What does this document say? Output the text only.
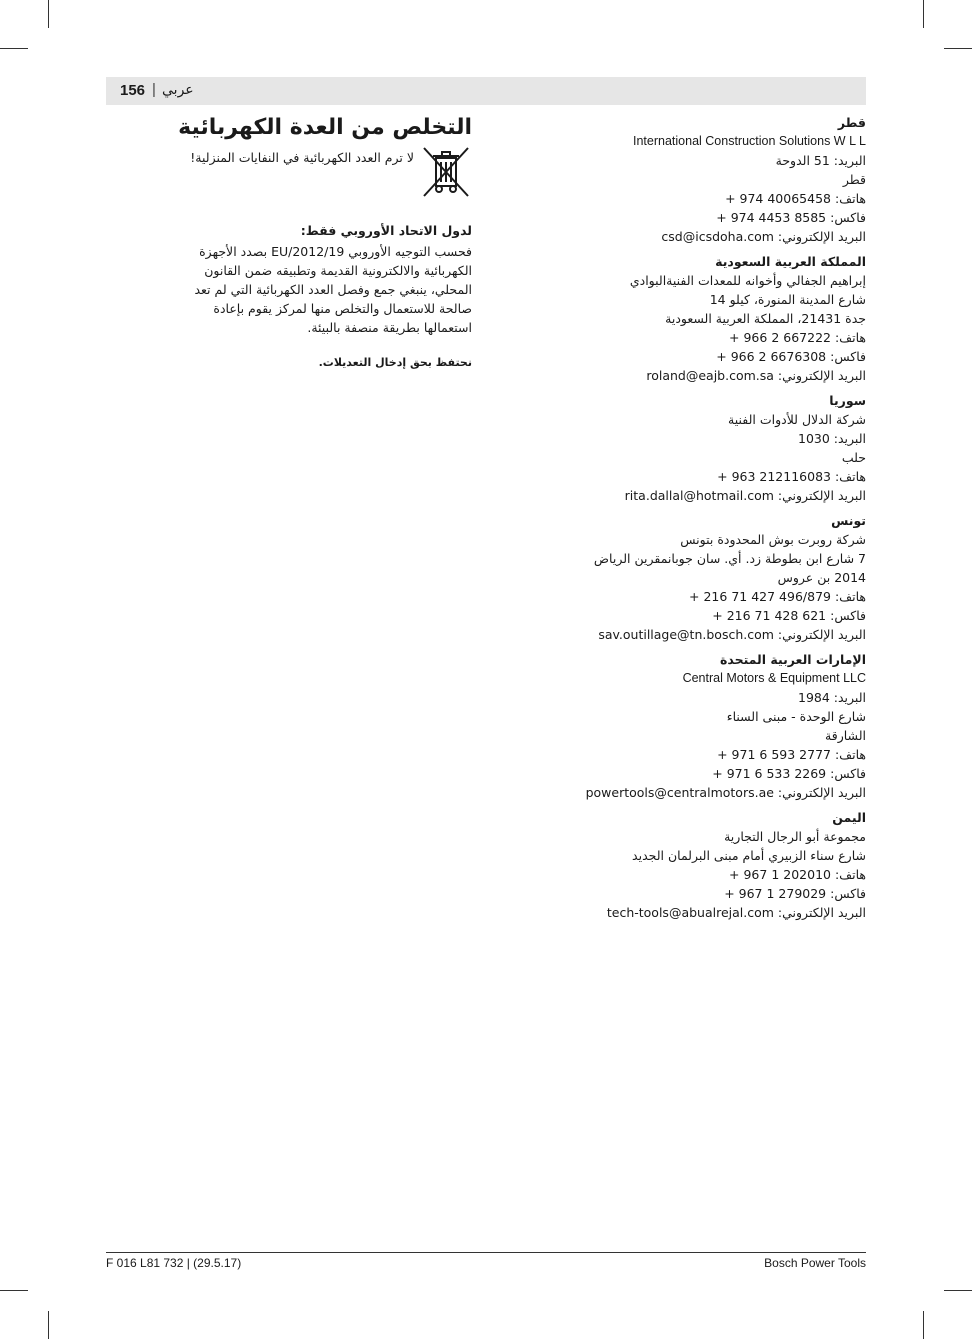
156 | عربي
التخلص من العدة الكهربائية
لا ترم العدد الكهربائية في النفايات المنزلية!
لدول الاتحاد الأوروبي فقط:
فحسب التوجيه الأوروبي 2012/19/EU بصدد الأجهزة
الكهربائية والالكترونية القديمة وتطبيقه ضمن القانون
المحلي، ينبغي جمع وفصل العدد الكهربائية التي لم تعد
صالحة للاستعمال والتخلص منها لمركز يقوم بإعادة
استعمالها بطريقة منصفة بالبيئة.
نحتفظ بحق إدخال التعديلات.
قطر
International Construction Solutions W L L
البريد: 51 الدوحة
قطر
هاتف: 40065458 974 +
فاكس: 8585 4453 974 +
البريد الإلكتروني: csd@icsdoha.com
المملكة العربية السعودية
إبراهيم الجفالي وأخوانه للمعدات الفنيةالبوادي
شارع المدينة المنورة، كيلو 14
جدة 21431، المملكة العربية السعودية
هاتف: 667222 2 966 +
فاكس: 6676308 2 966 +
البريد الإلكتروني: roland@eajb.com.sa
سوريا
شركة الدلال للأدوات الفنية
البريد: 1030
حلب
هاتف: 212116083 963 +
البريد الإلكتروني: rita.dallal@hotmail.com
تونس
شركة روبرت بوش المحدودة بتونس
7 شارع ابن بطوطة زد. أي. سان جوبانمقرين الرياض
2014 بن عروس
هاتف: 496/879 427 71 216 +
فاكس: 621 428 71 216 +
البريد الإلكتروني: sav.outillage@tn.bosch.com
الإمارات العربية المتحدة
Central Motors & Equipment LLC
البريد: 1984
شارع الوحدة - مبنى السناء
الشارقة
هاتف: 2777 593 6 971 +
فاكس: 2269 533 6 971 +
البريد الإلكتروني: powertools@centralmotors.ae
اليمن
مجموعة أبو الرجال التجارية
شارع سناء الزبيري أمام مبنى البرلمان الجديد
هاتف: 202010 1 967 +
فاكس: 279029 1 967 +
البريد الإلكتروني: tech-tools@abualrejal.com
F 016 L81 732 | (29.5.17)	Bosch Power Tools
